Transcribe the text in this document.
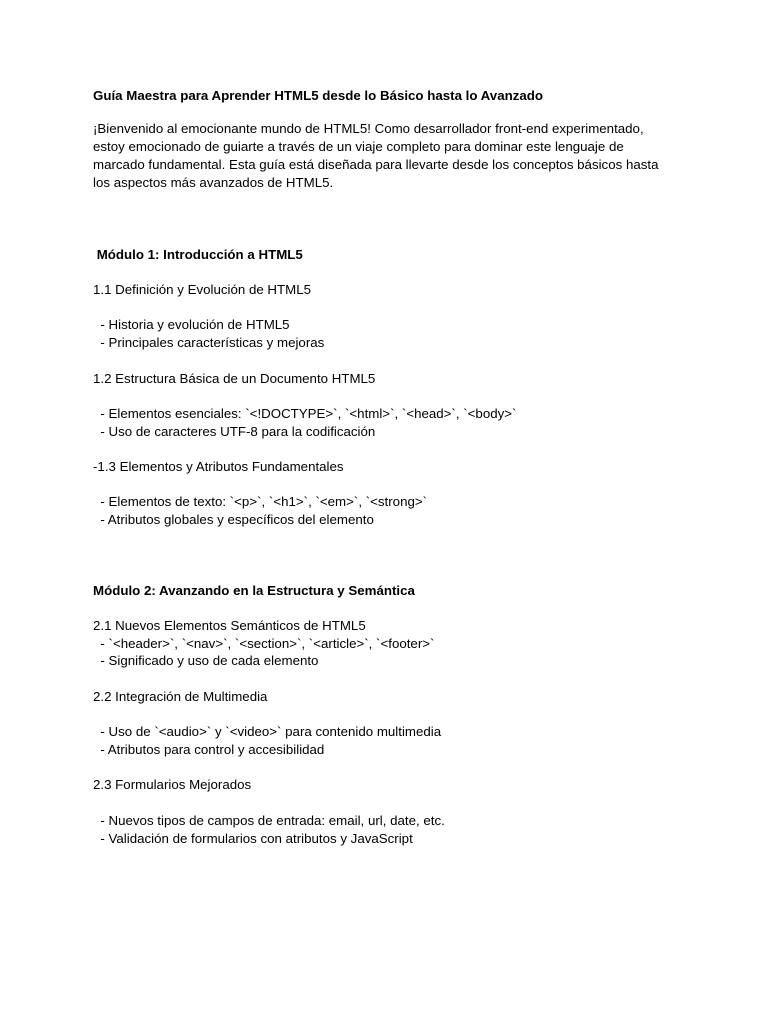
Guía Maestra para Aprender HTML5 desde lo Básico hasta lo Avanzado

¡Bienvenido al emocionante mundo de HTML5! Como desarrollador front-end experimentado, estoy emocionado de guiarte a través de un viaje completo para dominar este lenguaje de marcado fundamental. Esta guía está diseñada para llevarte desde los conceptos básicos hasta los aspectos más avanzados de HTML5.

Módulo 1: Introducción a HTML5

1.1 Definición y Evolución de HTML5

- Historia y evolución de HTML5

- Principales características y mejoras

1.2 Estructura Básica de un Documento HTML5

- Elementos esenciales: `<!DOCTYPE>`, `<html>`, `<head>`, `<body>`

- Uso de caracteres UTF-8 para la codificación

-1.3 Elementos y Atributos Fundamentales

- Elementos de texto: `<p>`, `<h1>`, `<em>`, `<strong>`

- Atributos globales y específicos del elemento

Módulo 2: Avanzando en la Estructura y Semántica

2.1 Nuevos Elementos Semánticos de HTML5

- `<header>`, `<nav>`, `<section>`, `<article>`, `<footer>`

- Significado y uso de cada elemento

2.2 Integración de Multimedia

- Uso de `<audio>` y `<video>` para contenido multimedia

- Atributos para control y accesibilidad

2.3 Formularios Mejorados

- Nuevos tipos de campos de entrada: email, url, date, etc.

- Validación de formularios con atributos y JavaScript
